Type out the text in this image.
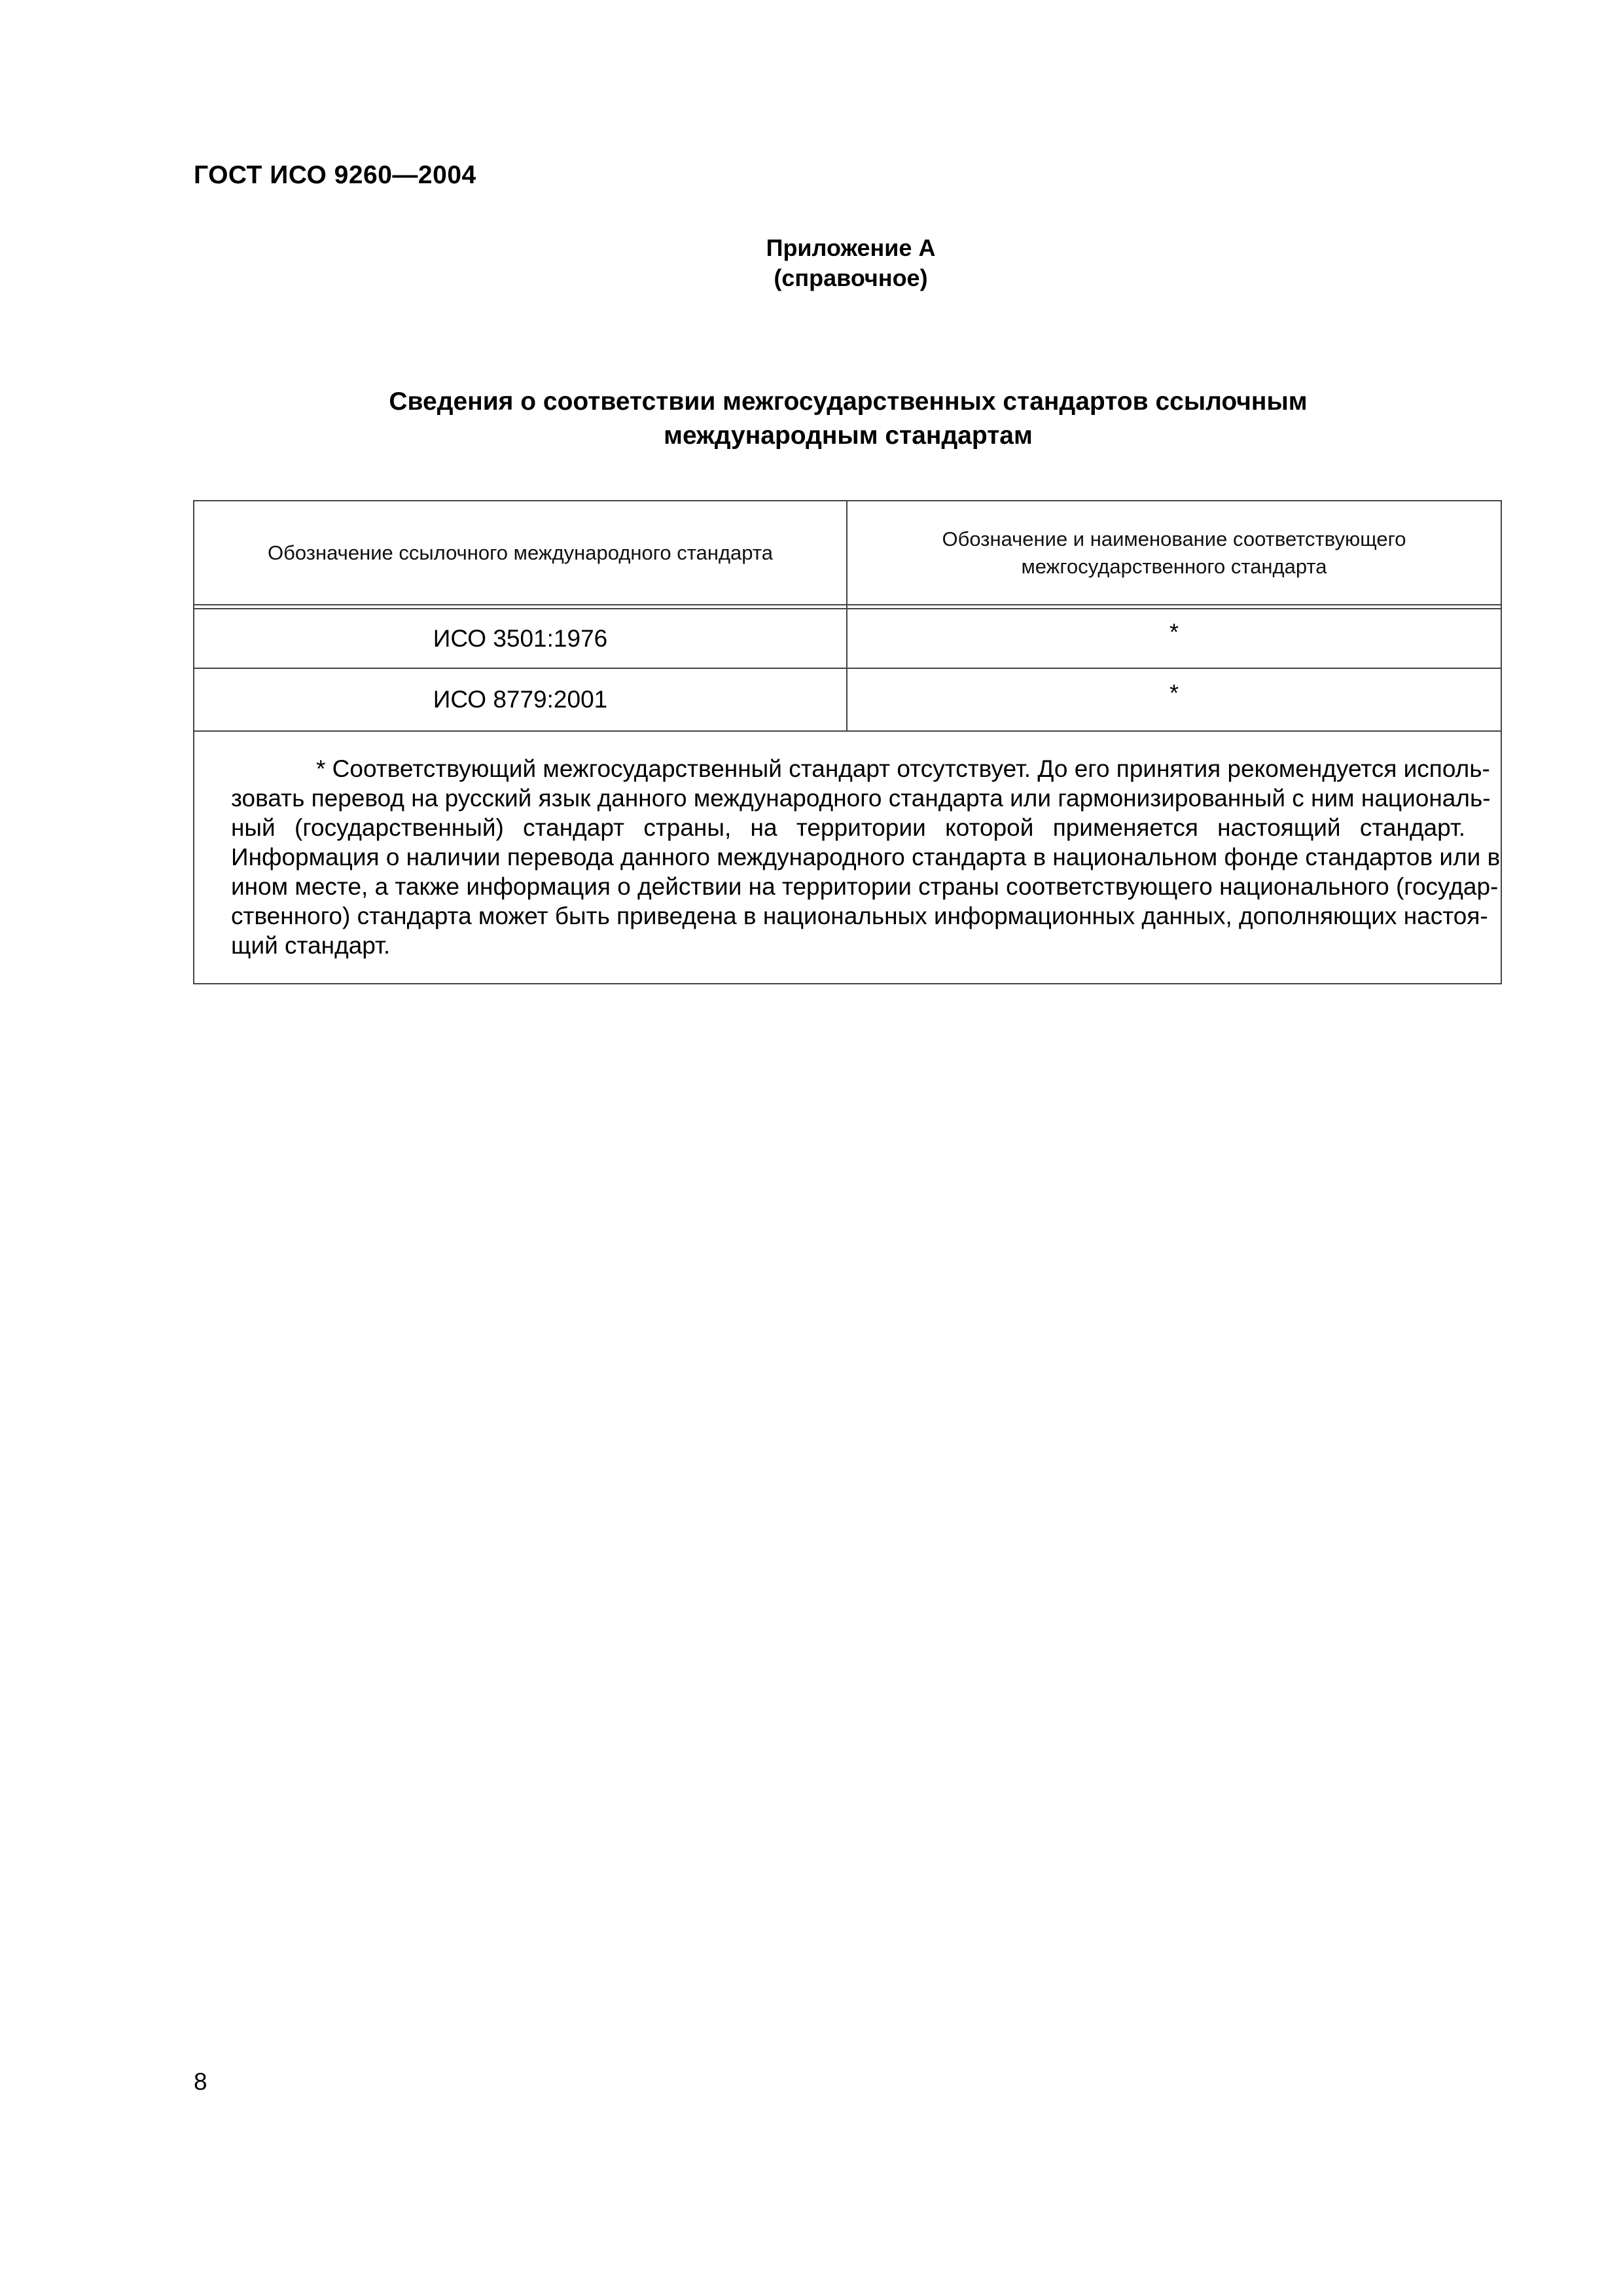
ГОСТ ИСО 9260—2004
Приложение А
(справочное)
Сведения о соответствии межгосударственных стандартов ссылочным
международным стандартам
Обозначение ссылочного международного стандарта
Обозначение и наименование соответствующего
межгосударственного стандарта
ИСО 3501:1976	*
ИСО 8779:2001	*
* Соответствующий межгосударственный стандарт отсутствует. До его принятия рекомендуется исполь-
зовать перевод на русский язык данного международного стандарта или гармонизированный с ним националь-
ный (государственный) стандарт страны, на территории которой применяется настоящий стандарт.
Информация о наличии перевода данного международного стандарта в национальном фонде стандартов или в
ином месте, а также информация о действии на территории страны соответствующего национального (государ-
ственного) стандарта может быть приведена в национальных информационных данных, дополняющих настоя-
щий стандарт.
8
